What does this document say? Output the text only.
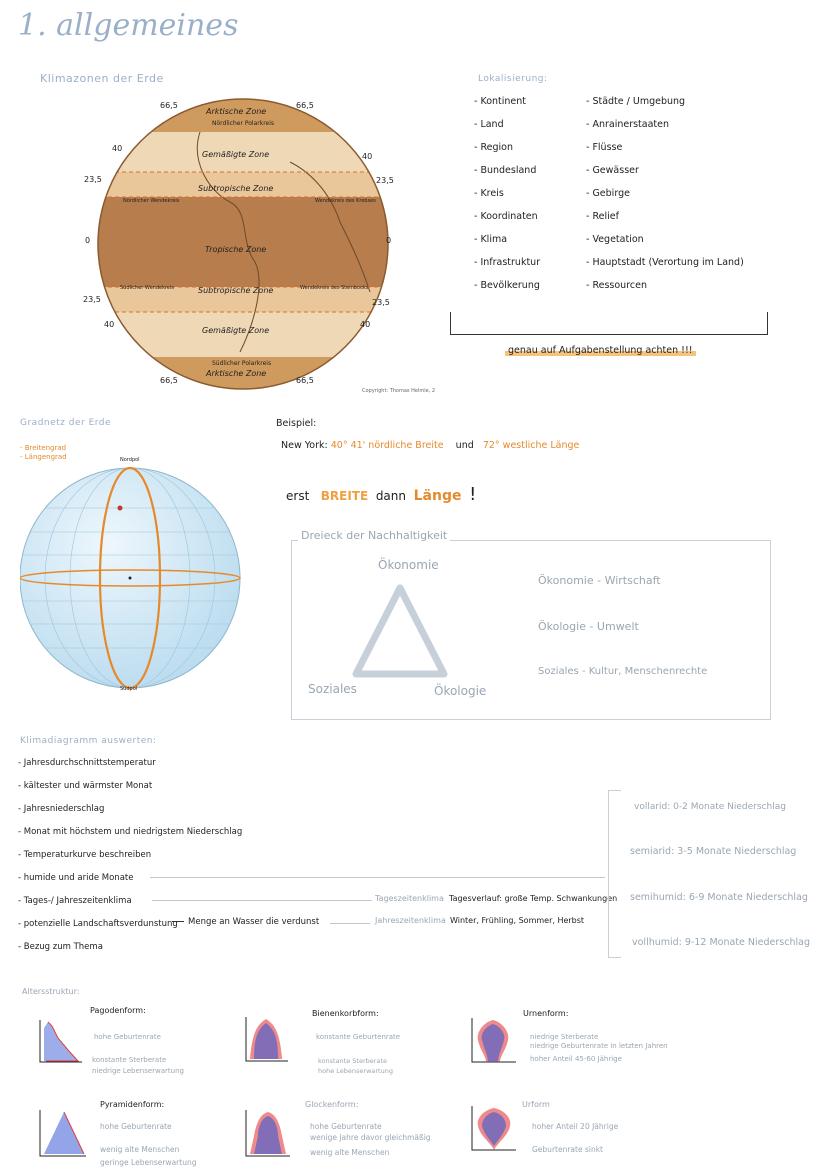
1. allgemeines
Klimazonen der Erde
Arktische Zone
Nördlicher Polarkreis
Gemäßigte Zone
Subtropische Zone
Nördlicher Wendekreis	Wendekreis des Krebses
Tropische Zone
Südlicher Wendekreis	Wendekreis des Steinbocks
Subtropische Zone
Gemäßigte Zone
Südlicher Polarkreis
Arktische Zone
66,5
40
23,5
0
23,5
40
66,5
66,5
40
23,5
0
23,5
40
66,5
Copyright: Thomas Helmle, 2
Lokalisierung:
- Kontinent
- Land
- Region
- Bundesland
- Kreis
- Koordinaten
- Klima
- Infrastruktur
- Bevölkerung
- Städte / Umgebung
- Anrainerstaaten
- Flüsse
- Gewässer
- Gebirge
- Relief
- Vegetation
- Hauptstadt (Verortung im Land)
- Ressourcen
genau auf Aufgabenstellung achten !!!
Gradnetz der Erde
- Breitengrad
- Längengrad	Nordpol
Südpol
Beispiel:
New York: 40° 41' nördliche Breite und 72° westliche Länge
erst BREITE dann Länge !
Dreieck der Nachhaltigkeit
Ökonomie
Soziales	Ökologie
Ökonomie - Wirtschaft
Ökologie - Umwelt
Soziales - Kultur, Menschenrechte
Klimadiagramm auswerten:
- Jahresdurchschnittstemperatur
- kältester und wärmster Monat
- Jahresniederschlag
- Monat mit höchstem und niedrigstem Niederschlag
- Temperaturkurve beschreiben
- humide und aride Monate
- Tages-/ Jahreszeitenklima
- potenzielle Landschaftsverdunstung
- Bezug zum Thema
Menge an Wasser die verdunst
Tageszeitenklima Tagesverlauf: große Temp. Schwankungen
Jahreszeitenklima Winter, Frühling, Sommer, Herbst
vollarid: 0-2 Monate Niederschlag
semiarid: 3-5 Monate Niederschlag
semihumid: 6-9 Monate Niederschlag
vollhumid: 9-12 Monate Niederschlag
Altersstruktur:
Pagodenform:
hohe Geburtenrate
konstante Sterberate
niedrige Lebenserwartung
Bienenkorbform:
konstante Geburtenrate
konstante Sterberate
hohe Lebenserwartung
Urnenform:
niedrige Sterberate
niedrige Geburtenrate in letzten Jahren
hoher Anteil 45-60 Jährige
Pyramidenform:
hohe Geburtenrate
wenig alte Menschen
geringe Lebenserwartung
Glockenform:
hohe Geburtenrate
wenige Jahre davor gleichmäßig
wenig alte Menschen
Urform
hoher Anteil 20 Jährige
Geburtenrate sinkt
